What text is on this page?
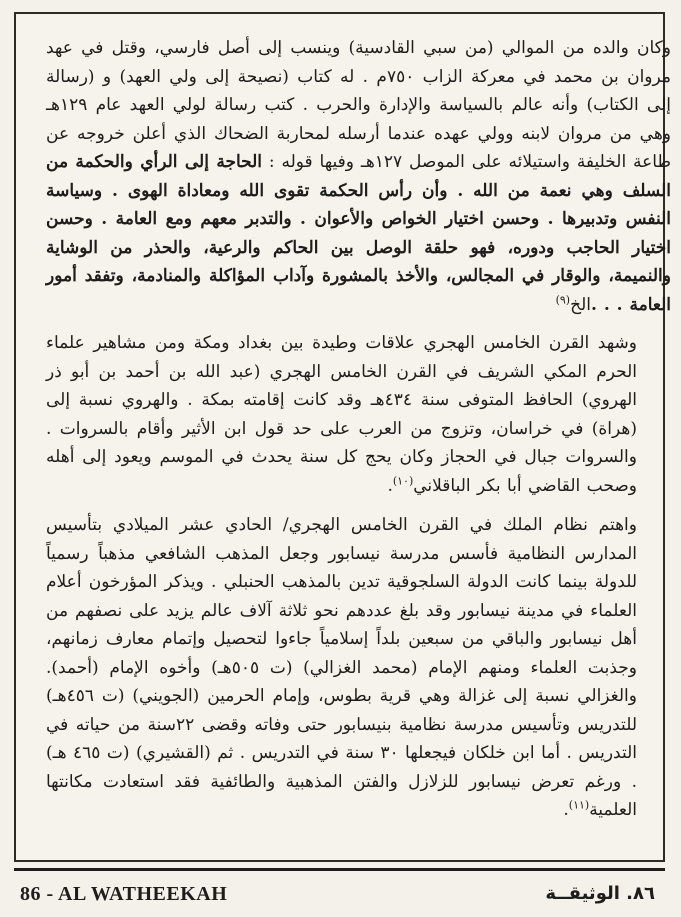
وكان والده من الموالي (من سبي القادسية) وينسب إلى أصل فارسي، وقتل في عهد مروان بن محمد في معركة الزاب ٧٥٠م . له كتاب (نصيحة إلى ولي العهد) و (رسالة إلى الكتاب) وأنه عالم بالسياسة والإدارة والحرب . كتب رسالة لولي العهد عام ١٢٩هـ وهي من مروان لابنه وولي عهده عندما أرسله لمحاربة الضحاك الذي أعلن خروجه عن طاعة الخليفة واستيلائه على الموصل ١٢٧هـ وفيها قوله : الحاجة إلى الرأي والحكمة من السلف وهي نعمة من الله . وأن رأس الحكمة تقوى الله ومعاداة الهوى . وسياسة النفس وتدبيرها . وحسن اختيار الخواص والأعوان . والتدبر معهم ومع العامة . وحسن اختيار الحاجب ودوره، فهو حلقة الوصل بين الحاكم والرعية، والحذر من الوشاية والنميمة، والوقار في المجالس، والأخذ بالمشورة وآداب المؤاكلة والمنادمة، وتفقد أمور العامة . . .الخ$^{(٩)}$

وشهد القرن الخامس الهجري علاقات وطيدة بين بغداد ومكة ومن مشاهير علماء الحرم المكي الشريف في القرن الخامس الهجري (عبد الله بن أحمد بن أبو ذر الهروي) الحافظ المتوفى سنة ٤٣٤هـ وقد كانت إقامته بمكة . والهروي نسبة إلى (هراة) في خراسان، وتزوج من العرب على حد قول ابن الأثير وأقام بالسروات . والسروات جبال في الحجاز وكان يحج كل سنة يحدث في الموسم ويعود إلى أهله وصحب القاضي أبا بكر الباقلاني$^{(١٠)}$.

واهتم نظام الملك في القرن الخامس الهجري/ الحادي عشر الميلادي بتأسيس المدارس النظامية فأسس مدرسة نيسابور وجعل المذهب الشافعي مذهباً رسمياً للدولة بينما كانت الدولة السلجوقية تدين بالمذهب الحنبلي . ويذكر المؤرخون أعلام العلماء في مدينة نيسابور وقد بلغ عددهم نحو ثلاثة آلاف عالم يزيد على نصفهم من أهل نيسابور والباقي من سبعين بلداً إسلامياً جاءوا لتحصيل وإتمام معارف زمانهم، وجذبت العلماء ومنهم الإمام (محمد الغزالي) (ت ٥٠٥هـ) وأخوه الإمام (أحمد). والغزالي نسبة إلى غزالة وهي قرية بطوس، وإمام الحرمين (الجويني) (ت ٤٥٦هـ) للتدريس وتأسيس مدرسة نظامية بنيسابور حتى وفاته وقضى ٢٢سنة من حياته في التدريس . أما ابن خلكان فيجعلها ٣٠ سنة في التدريس . ثم (القشيري) (ت ٤٦٥ هـ) . ورغم تعرض نيسابور للزلازل والفتن المذهبية والطائفية فقد استعادت مكانتها العلمية$^{(١١)}$.

86 - AL WATHEEKAH	٨٦. الوثيقــة
